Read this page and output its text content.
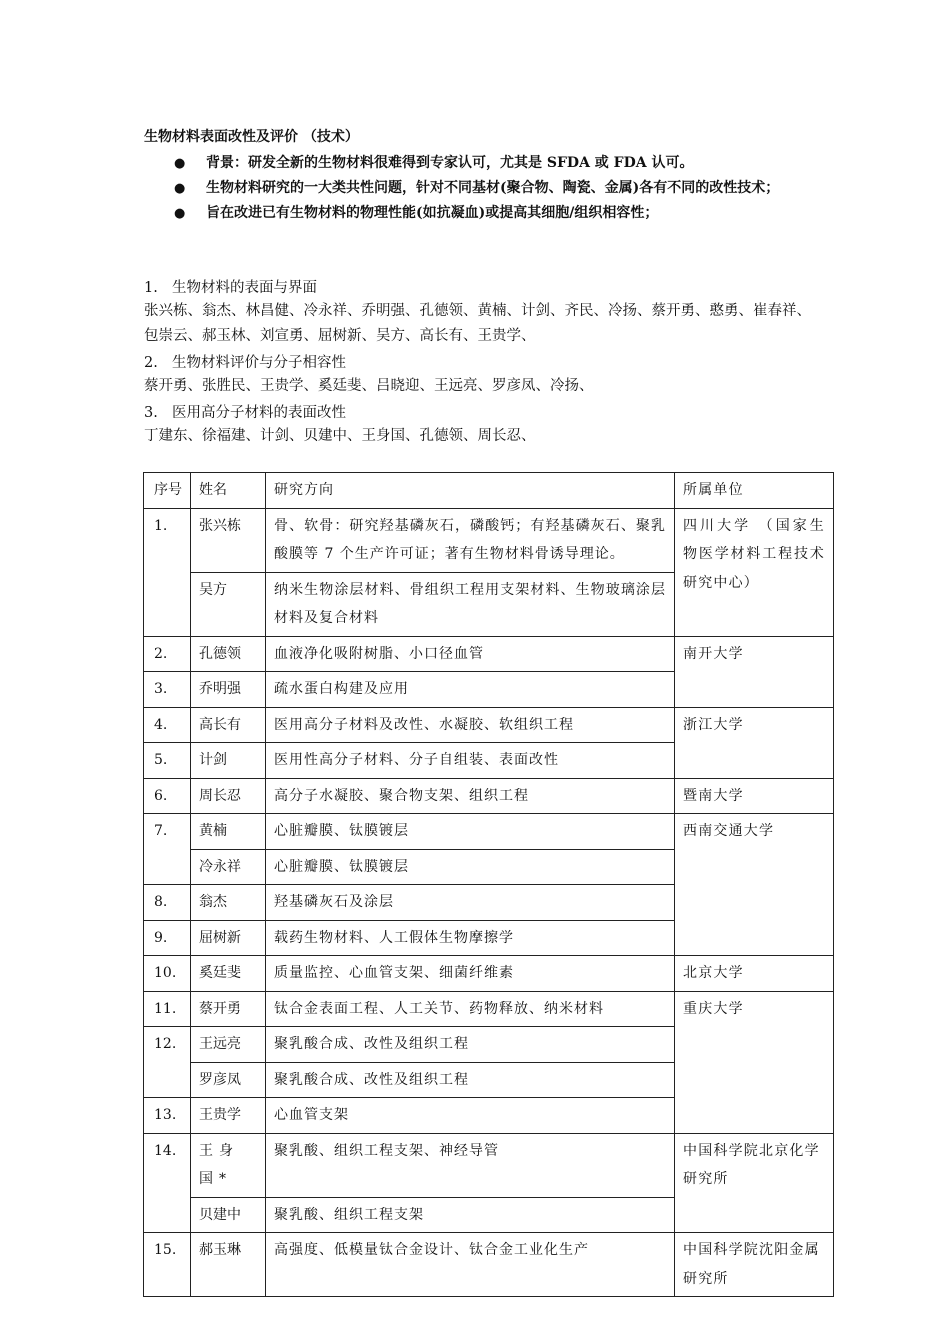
生物材料表面改性及评价 （技术）
● 背景：研发全新的生物材料很难得到专家认可，尤其是 SFDA 或 FDA 认可。
● 生物材料研究的一大类共性问题，针对不同基材(聚合物、陶瓷、金属)各有不同的改性技术；
● 旨在改进已有生物材料的物理性能(如抗凝血)或提高其细胞/组织相容性；
1. 生物材料的表面与界面
张兴栋、翁杰、林昌健、冷永祥、乔明强、孔德领、黄楠、计剑、齐民、冷扬、蔡开勇、憨勇、崔春祥、包崇云、郝玉林、刘宣勇、屈树新、吴方、高长有、王贵学、
2. 生物材料评价与分子相容性
蔡开勇、张胜民、王贵学、奚廷斐、吕晓迎、王远亮、罗彦凤、冷扬、
3. 医用高分子材料的表面改性
丁建东、徐福建、计剑、贝建中、王身国、孔德领、周长忍、
序号	姓名	研究方向	所属单位
1.	张兴栋	骨、软骨：研究羟基磷灰石，磷酸钙；有羟基磷灰石、聚乳酸膜等 7 个生产许可证；著有生物材料骨诱导理论。	四川大学 （国家生物医学材料工程技术研究中心）
	吴方	纳米生物涂层材料、骨组织工程用支架材料、生物玻璃涂层材料及复合材料	
2.	孔德领	血液净化吸附树脂、小口径血管	南开大学
3.	乔明强	疏水蛋白构建及应用	
4.	高长有	医用高分子材料及改性、水凝胶、软组织工程	浙江大学
5.	计剑	医用性高分子材料、分子自组装、表面改性	
6.	周长忍	高分子水凝胶、聚合物支架、组织工程	暨南大学
7.	黄楠	心脏瓣膜、钛膜镀层	西南交通大学
	冷永祥	心脏瓣膜、钛膜镀层	
8.	翁杰	羟基磷灰石及涂层	
9.	屈树新	载药生物材料、人工假体生物摩擦学	
10.	奚廷斐	质量监控、心血管支架、细菌纤维素	北京大学
11.	蔡开勇	钛合金表面工程、人工关节、药物释放、纳米材料	重庆大学
12.	王远亮	聚乳酸合成、改性及组织工程	
	罗彦凤	聚乳酸合成、改性及组织工程	
13.	王贵学	心血管支架	
14.	王身国*	聚乳酸、组织工程支架、神经导管	中国科学院北京化学研究所
	贝建中	聚乳酸、组织工程支架	
15.	郝玉琳	高强度、低模量钛合金设计、钛合金工业化生产	中国科学院沈阳金属研究所
